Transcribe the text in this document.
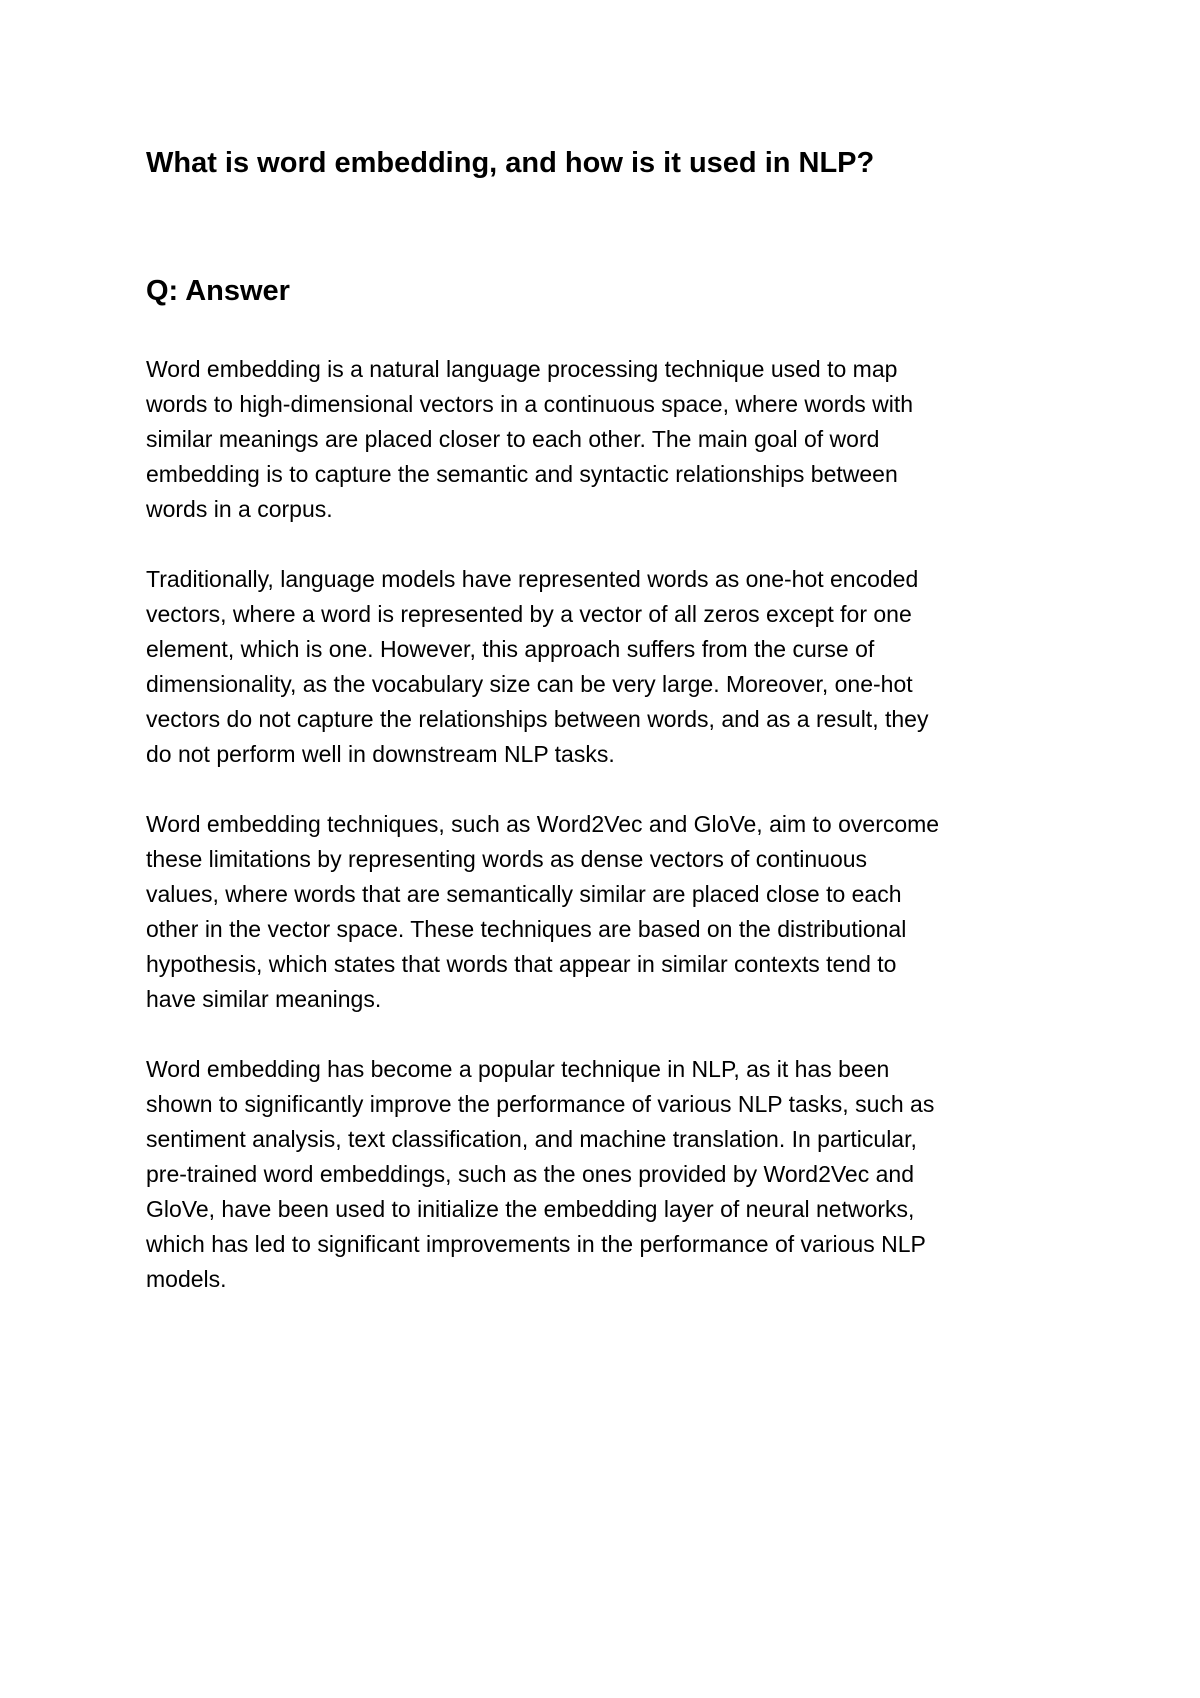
What is word embedding, and how is it used in NLP?
Q: Answer

Word embedding is a natural language processing technique used to map
words to high-dimensional vectors in a continuous space, where words with
similar meanings are placed closer to each other. The main goal of word
embedding is to capture the semantic and syntactic relationships between
words in a corpus.

Traditionally, language models have represented words as one-hot encoded
vectors, where a word is represented by a vector of all zeros except for one
element, which is one. However, this approach suffers from the curse of
dimensionality, as the vocabulary size can be very large. Moreover, one-hot
vectors do not capture the relationships between words, and as a result, they
do not perform well in downstream NLP tasks.

Word embedding techniques, such as Word2Vec and GloVe, aim to overcome
these limitations by representing words as dense vectors of continuous
values, where words that are semantically similar are placed close to each
other in the vector space. These techniques are based on the distributional
hypothesis, which states that words that appear in similar contexts tend to
have similar meanings.

Word embedding has become a popular technique in NLP, as it has been
shown to significantly improve the performance of various NLP tasks, such as
sentiment analysis, text classification, and machine translation. In particular,
pre-trained word embeddings, such as the ones provided by Word2Vec and
GloVe, have been used to initialize the embedding layer of neural networks,
which has led to significant improvements in the performance of various NLP
models.
